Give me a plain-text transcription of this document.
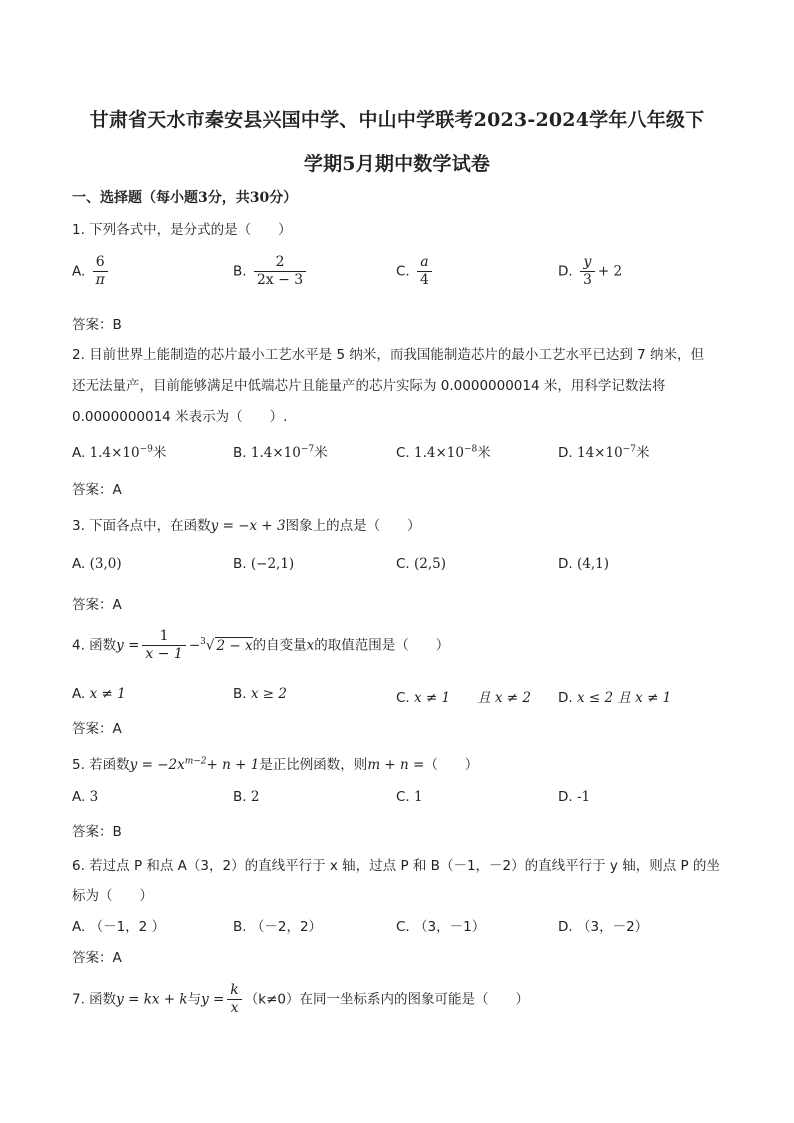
甘肃省天水市秦安县兴国中学、中山中学联考2023-2024学年八年级下
学期5月期中数学试卷
一、选择题（每小题3分，共30分）
1. 下列各式中，是分式的是（　　）
A. $\frac{6}{\pi}$	B. $\frac{2}{2x - 3}$	C. $\frac{a}{4}$	D. $\frac{y}{3} + 2$
答案：B
2. 目前世界上能制造的芯片最小工艺水平是 5 纳米，而我国能制造芯片的最小工艺水平已达到 7 纳米，但
还无法量产，目前能够满足中低端芯片且能量产的芯片实际为 0.0000000014 米，用科学记数法将
0.0000000014 米表示为（　　）.
A. $1.4\times 10^{-9}$米	B. $1.4\times 10^{-7}$米	C. $1.4\times 10^{-8}$米	D. $14\times 10^{-7}$米
答案：A
3. 下面各点中，在函数y = −x + 3图象上的点是（　　）
A. (3,0)	B. (−2,1)	C. (2,5)	D. (4,1)
答案：A
4. 函数$y = \frac{1}{x - 1} -^3√$ 2 − x的自变量x的取值范围是（　　）
A. x ≠ 1	B. x ≥ 2	C. x ≠ 1　　且 x ≠ 2 D. x ≤ 2 且 x ≠ 1
答案：A
5. 若函数$y = -2x^{m-2}+ n + 1$是正比例函数，则m + n =（　　）
A. 3	B. 2	C. 1	D. -1
答案：B
6. 若过点 P 和点 A（3，2）的直线平行于 x 轴，过点 P 和 B（－1，－2）的直线平行于 y 轴，则点 P 的坐
标为（　　）
A. （－1，2 ）	B. （－2，2）	C. （3，－1）	D. （3，－2）
答案：A
7. 函数y = kx + k与$y = \frac{k}{x} (k\ne 0)$在同一坐标系内的图象可能是（　　）
